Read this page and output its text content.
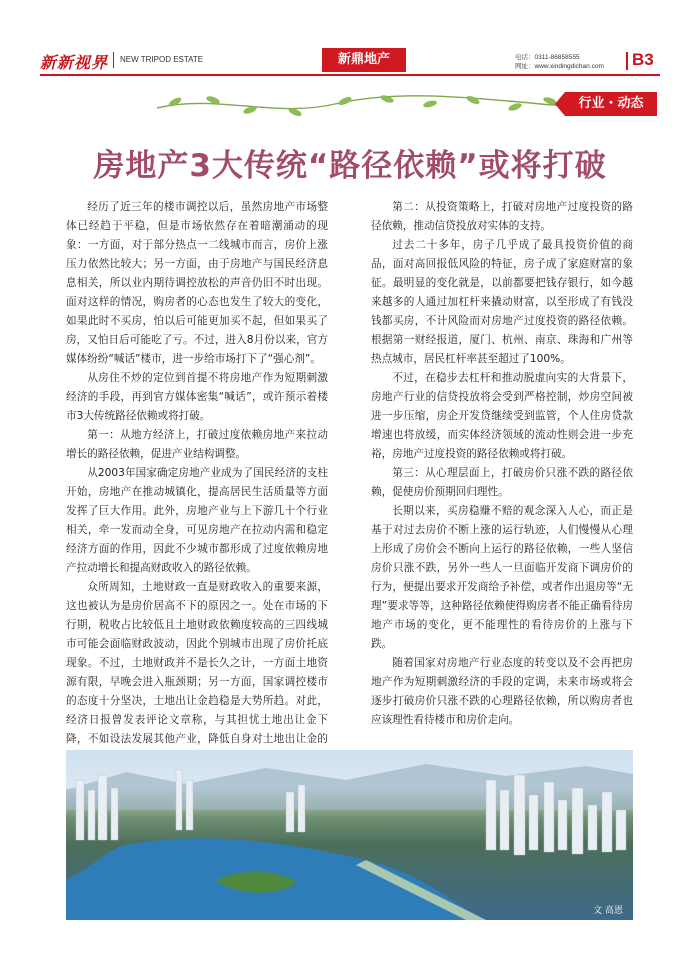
新新视界 NEW TRIPOD ESTATE	新鼎地产	电话：0311-86858555
网址：www.xindingdichan.com B3
行业・动态
房地产3大传统“路径依赖”或将打破

经历了近三年的楼市调控以后，虽然房地产市场整体已经趋于平稳，但是市场依然存在着暗潮涌动的现象：一方面，对于部分热点一二线城市而言，房价上涨压力依然比较大；另一方面，由于房地产与国民经济息息相关，所以业内期待调控放松的声音仍旧不时出现。面对这样的情况，购房者的心态也发生了较大的变化，如果此时不买房，怕以后可能更加买不起，但如果买了房，又怕日后可能吃了亏。不过，进入8月份以来，官方媒体纷纷“喊话”楼市，进一步给市场打下了“强心剂”。

从房住不炒的定位到首提不将房地产作为短期刺激经济的手段，再到官方媒体密集“喊话”，或许预示着楼市3大传统路径依赖或将打破。

第一：从地方经济上，打破过度依赖房地产来拉动增长的路径依赖，促进产业结构调整。

从2003年国家确定房地产业成为了国民经济的支柱开始，房地产在推动城镇化，提高居民生活质量等方面发挥了巨大作用。此外，房地产业与上下游几十个行业相关，牵一发而动全身，可见房地产在拉动内需和稳定经济方面的作用，因此不少城市都形成了过度依赖房地产拉动增长和提高财政收入的路径依赖。

众所周知，土地财政一直是财政收入的重要来源，这也被认为是房价居高不下的原因之一。处在市场的下行期，税收占比较低且土地财政依赖度较高的三四线城市可能会面临财政波动，因此个别城市出现了房价托底现象。不过，土地财政并不是长久之计，一方面土地资源有限，早晚会进入瓶颈期；另一方面，国家调控楼市的态度十分坚决，土地出让金趋稳是大势所趋。对此，经济日报曾发表评论文章称，与其担忧土地出让金下降，不如设法发展其他产业，降低自身对土地出让金的

第二：从投资策略上，打破对房地产过度投资的路径依赖，推动信贷投放对实体的支持。

过去二十多年，房子几乎成了最具投资价值的商品，面对高回报低风险的特征，房子成了家庭财富的象征。最明显的变化就是，以前都要把钱存银行，如今越来越多的人通过加杠杆来撬动财富，以至形成了有钱没钱都买房，不计风险而对房地产过度投资的路径依赖。根据第一财经报道，厦门、杭州、南京、珠海和广州等热点城市，居民杠杆率甚至超过了100%。

不过，在稳步去杠杆和推动脱虚向实的大背景下，房地产行业的信贷投放将会受到严格控制，炒房空间被进一步压缩，房企开发贷继续受到监管，个人住房贷款增速也将放缓，而实体经济领域的流动性则会进一步充裕，房地产过度投资的路径依赖或将打破。

第三：从心理层面上，打破房价只涨不跌的路径依赖，促使房价预期回归理性。

长期以来，买房稳赚不赔的观念深入人心，而正是基于对过去房价不断上涨的运行轨迹，人们慢慢从心理上形成了房价会不断向上运行的路径依赖，一些人坚信房价只涨不跌，另外一些人一旦面临开发商下调房价的行为，便提出要求开发商给予补偿，或者作出退房等“无理”要求等等，这种路径依赖使得购房者不能正确看待房地产市场的变化，更不能理性的看待房价的上涨与下跌。

随着国家对房地产行业态度的转变以及不会再把房地产作为短期刺激经济的手段的定调，未来市场或将会逐步打破房价只涨不跌的心理路径依赖，所以购房者也应该理性看待楼市和房价走向。

文 高恩
